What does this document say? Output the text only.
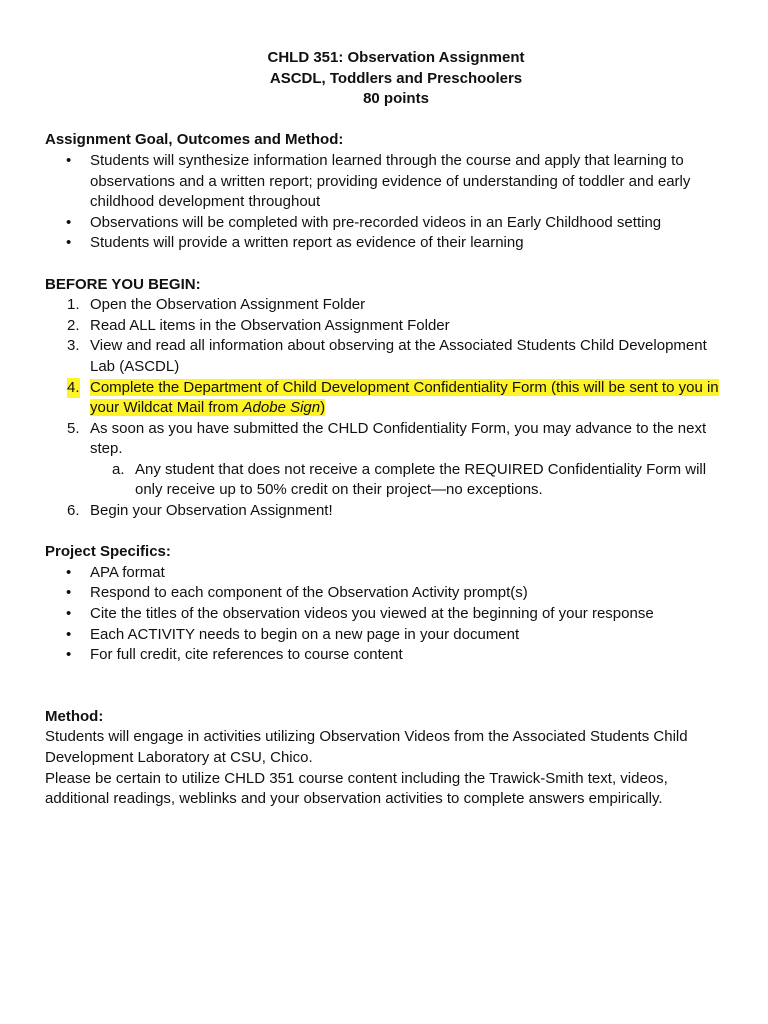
CHLD 351: Observation Assignment
ASCDL, Toddlers and Preschoolers
80 points
Assignment Goal, Outcomes and Method:
• Students will synthesize information learned through the course and apply that learning to observations and a written report; providing evidence of understanding of toddler and early childhood development throughout
• Observations will be completed with pre-recorded videos in an Early Childhood setting
• Students will provide a written report as evidence of their learning
BEFORE YOU BEGIN:
1. Open the Observation Assignment Folder
2. Read ALL items in the Observation Assignment Folder
3. View and read all information about observing at the Associated Students Child Development Lab (ASCDL)
4. Complete the Department of Child Development Confidentiality Form (this will be sent to you in your Wildcat Mail from Adobe Sign)
5. As soon as you have submitted the CHLD Confidentiality Form, you may advance to the next step.
a. Any student that does not receive a complete the REQUIRED Confidentiality Form will only receive up to 50% credit on their project—no exceptions.
6. Begin your Observation Assignment!
Project Specifics:
• APA format
• Respond to each component of the Observation Activity prompt(s)
• Cite the titles of the observation videos you viewed at the beginning of your response
• Each ACTIVITY needs to begin on a new page in your document
• For full credit, cite references to course content
Method:

Students will engage in activities utilizing Observation Videos from the Associated Students Child Development Laboratory at CSU, Chico.

Please be certain to utilize CHLD 351 course content including the Trawick-Smith text, videos, additional readings, weblinks and your observation activities to complete answers empirically.
